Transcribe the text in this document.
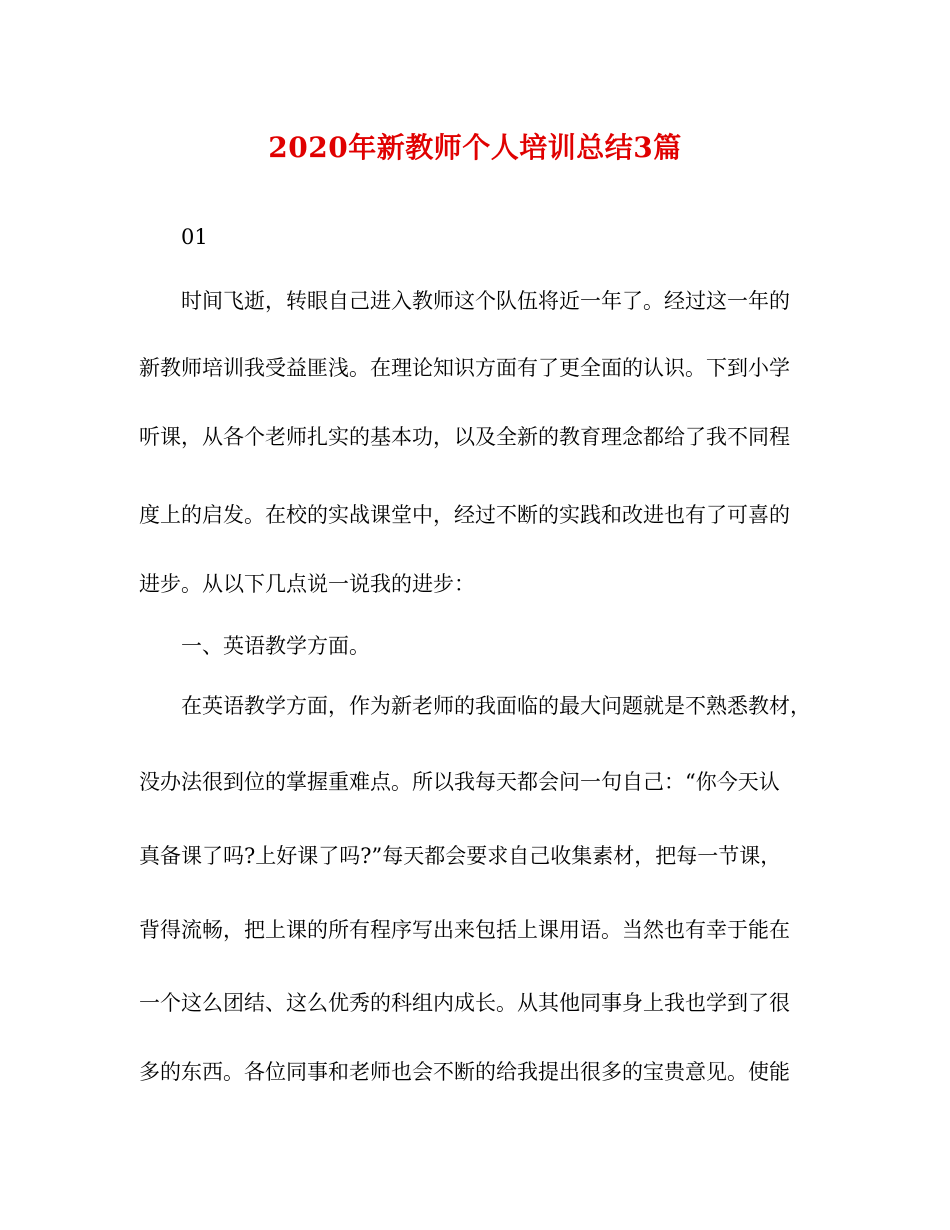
2020年新教师个人培训总结3篇

01

时间飞逝，转眼自己进入教师这个队伍将近一年了。经过这一年的

新教师培训我受益匪浅。在理论知识方面有了更全面的认识。下到小学

听课，从各个老师扎实的基本功，以及全新的教育理念都给了我不同程

度上的启发。在校的实战课堂中，经过不断的实践和改进也有了可喜的

进步。从以下几点说一说我的进步：

一、英语教学方面。

在英语教学方面，作为新老师的我面临的最大问题就是不熟悉教材，

没办法很到位的掌握重难点。所以我每天都会问一句自己：“你今天认

真备课了吗?上好课了吗?”每天都会要求自己收集素材，把每一节课，

背得流畅，把上课的所有程序写出来包括上课用语。当然也有幸于能在

一个这么团结、这么优秀的科组内成长。从其他同事身上我也学到了很

多的东西。各位同事和老师也会不断的给我提出很多的宝贵意见。使能
